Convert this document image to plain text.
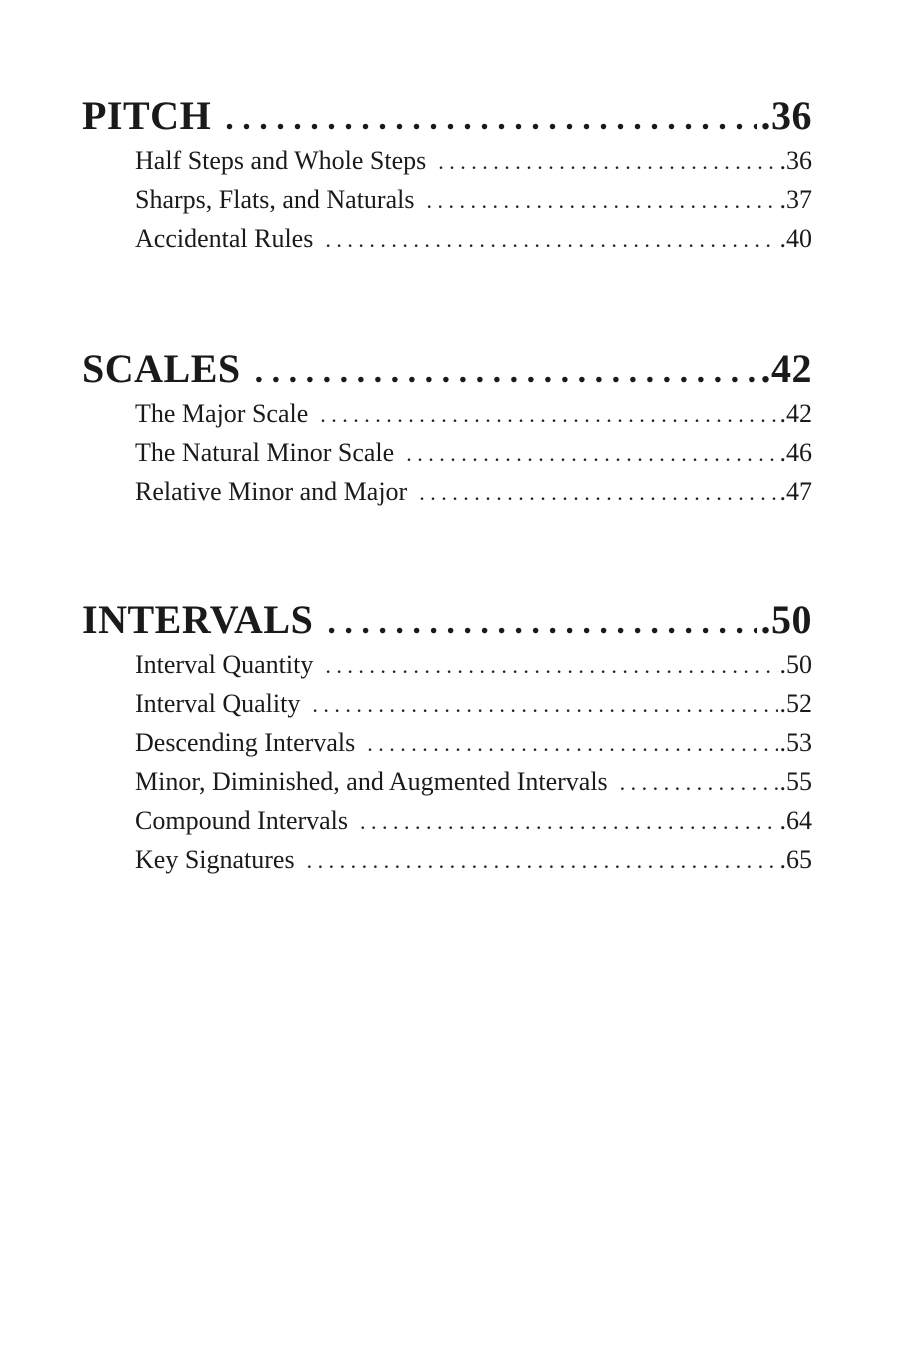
PITCH . . .	.36
Half Steps and Whole Steps . . .	.36
Sharps, Flats, and Naturals . . .	.37
Accidental Rules . . .	.40
SCALES . . .	.42
The Major Scale . . .	.42
The Natural Minor Scale . . .	.46
Relative Minor and Major . . .	.47
INTERVALS . . .	.50
Interval Quantity . . .	.50
Interval Quality . . .	.52
Descending Intervals . . .	.53
Minor, Diminished, and Augmented Intervals . . .	.55
Compound Intervals . . .	.64
Key Signatures . . .	.65
